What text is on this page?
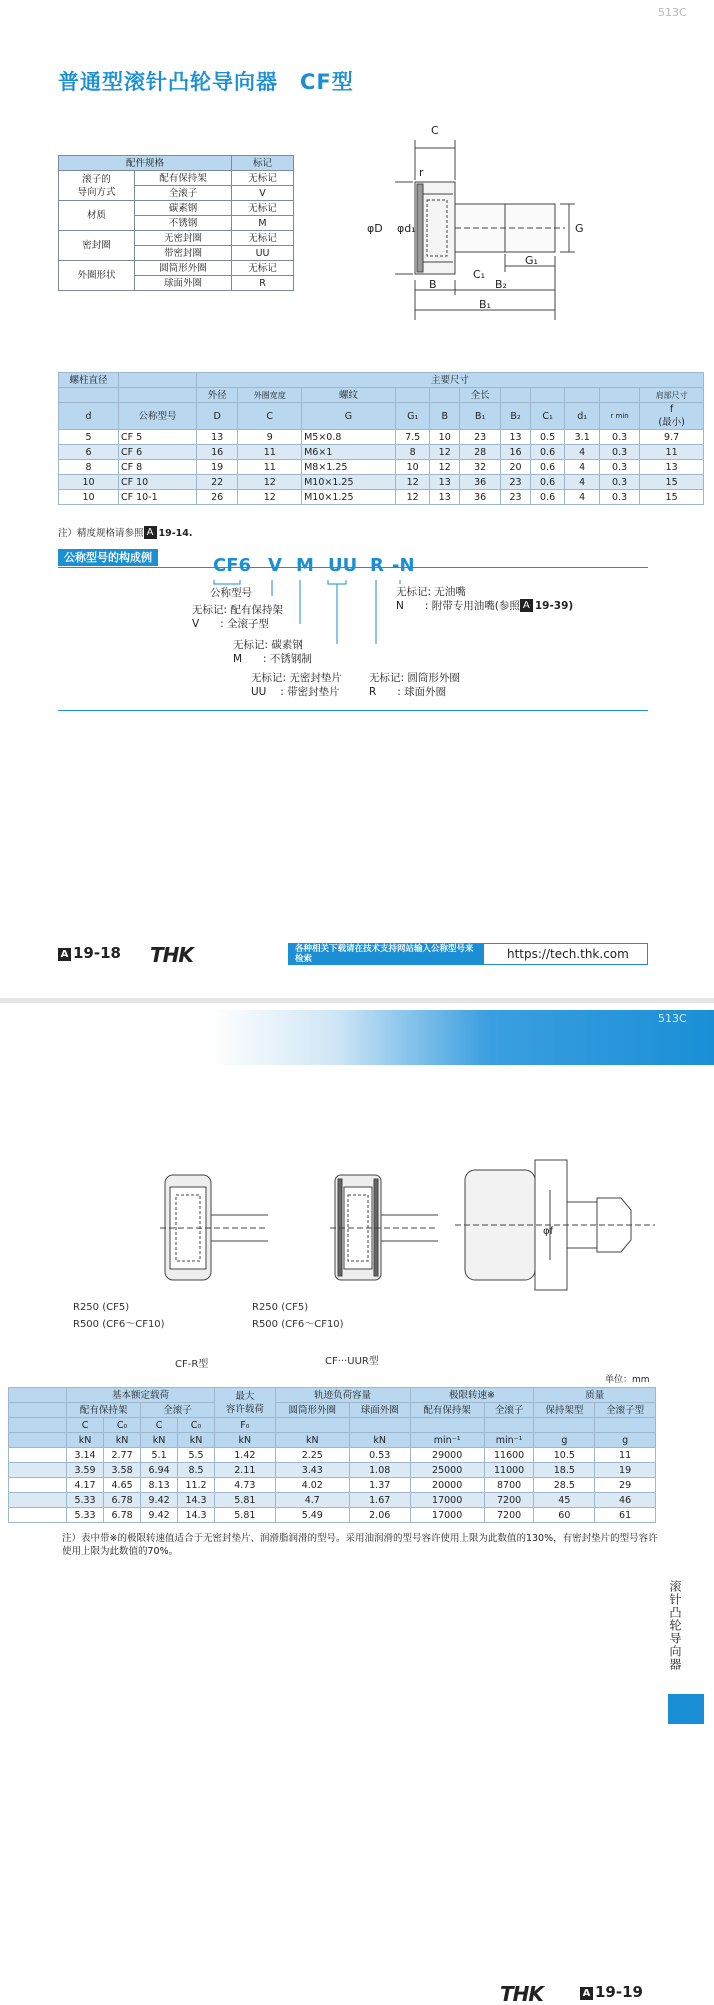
513C
普通型滚针凸轮导向器　CF型
配件规格		标记
滚子的
导向方式	配有保持架	无标记
	全滚子	V
材质	碳素钢	无标记
	不锈钢	M
密封圈	无密封圈	无标记
	带密封圈	UU
外圈形状	圆筒形外圈	无标记
	球面外圈	R
C
r
φD φd₁	G
G₁
C₁
B	B₂
B₁
螺柱直径		主要尺寸										
		外径	外圈宽度	螺纹			全长					肩部尺寸
d	公称型号	D	C	G	G₁	B	B₁	B₂	C₁	d₁	r min	f
(最小)
5	CF 5	13	9	M5×0.8	7.5	10	23	13	0.5	3.1	0.3	9.7
6	CF 6	16	11	M6×1	8	12	28	16	0.6	4	0.3	11
8	CF 8	19	11	M8×1.25	10	12	32	20	0.6	4	0.3	13
10	CF 10	22	12	M10×1.25	12	13	36	23	0.6	4	0.3	15
10	CF 10-1	26	12	M10×1.25	12	13	36	23	0.6	4	0.3	15
注）精度规格请参照 A 19-14.
公称型号的构成例	CF6 V M UU R -N
公称型号
无标记: 配有保持架
V　　: 全滚子型
无标记: 碳素钢
M　　: 不锈钢制
无标记: 无密封垫片
UU　 : 带密封垫片
无标记: 圆筒形外圈
R　　: 球面外圈
无标记: 无油嘴
N　　: 附带专用油嘴(参照 A 19-39)
A 19-18 THK	各种相关下载请在技术支持网站输入公称型号来检索	https://tech.thk.com
513C
φf
R250 (CF5)
R500 (CF6～CF10)
R250 (CF5)
R500 (CF6～CF10)
CF-R型	CF···UUR型
单位：mm
	基本额定载荷				最大
容许载荷	轨迹负荷容量		极限转速※		质量	
	配有保持架		全滚子			圆筒形外圈	球面外圈	配有保持架	全滚子	保持架型	全滚子型
	C	C₀	C	C₀	F₀						
	kN	kN	kN	kN	kN	kN	kN	min⁻¹	min⁻¹	g	g
	3.14	2.77	5.1	5.5	1.42	2.25	0.53	29000	11600	10.5	11
	3.59	3.58	6.94	8.5	2.11	3.43	1.08	25000	11000	18.5	19
	4.17	4.65	8.13	11.2	4.73	4.02	1.37	20000	8700	28.5	29
	5.33	6.78	9.42	14.3	5.81	4.7	1.67	17000	7200	45	46
	5.33	6.78	9.42	14.3	5.81	5.49	2.06	17000	7200	60	61
注）表中带※的极限转速值适合于无密封垫片、润滑脂润滑的型号。采用油润滑的型号容许使用上限为此数值的130%，有密封垫片的型号容许使用上限为此数值的70%。
滚针凸轮导向器
THK	A 19-19
